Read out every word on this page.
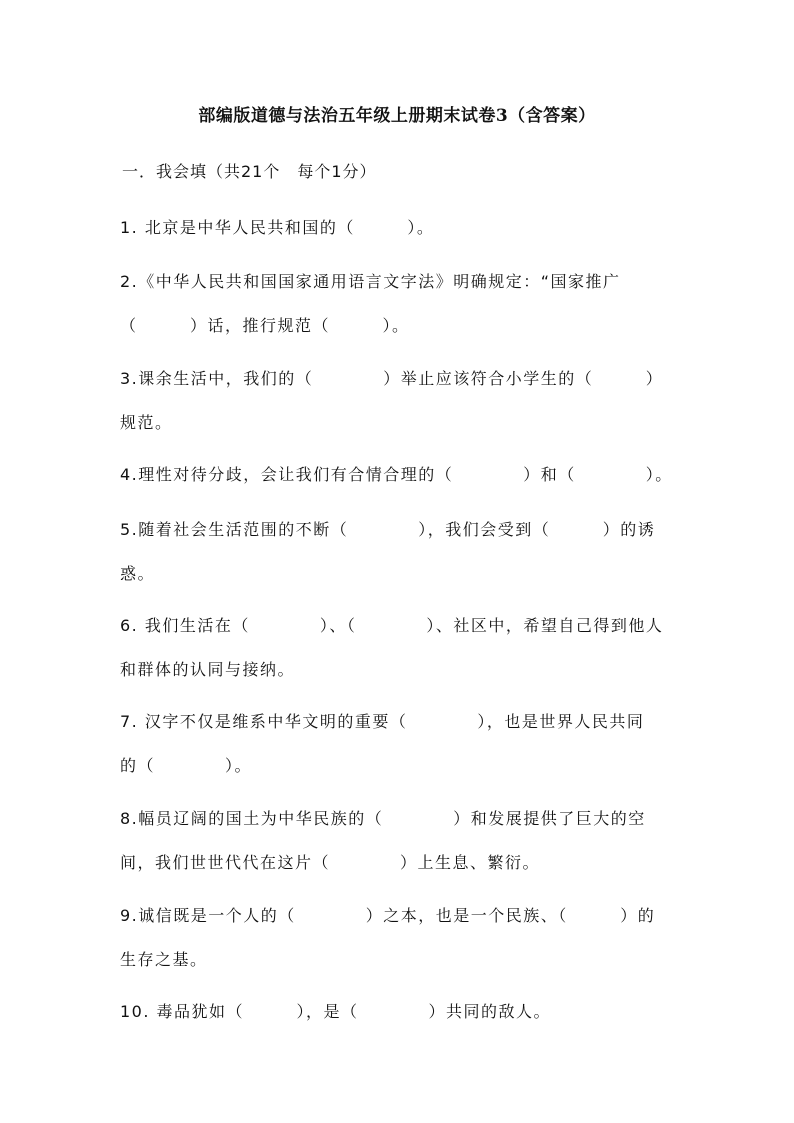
部编版道德与法治五年级上册期末试卷3（含答案）
一．我会填（共21个　每个1分）
1. 北京是中华人民共和国的（　　　）。
2.《中华人民共和国国家通用语言文字法》明确规定：“国家推广
（　　　）话，推行规范（　　　）。
3.课余生活中，我们的（　　　　）举止应该符合小学生的（　　　）
规范。
4.理性对待分歧，会让我们有合情合理的（　　　　）和（　　　　）。
5.随着社会生活范围的不断（　　　　），我们会受到（　　　）的诱
惑。
6. 我们生活在（　　　　）、（　　　　）、社区中，希望自己得到他人
和群体的认同与接纳。
7. 汉字不仅是维系中华文明的重要（　　　　），也是世界人民共同
的（　　　　）。
8.幅员辽阔的国土为中华民族的（　　　　）和发展提供了巨大的空
间，我们世世代代在这片（　　　　）上生息、繁衍。
9.诚信既是一个人的（　　　　）之本，也是一个民族、（　　　）的
生存之基。
10. 毒品犹如（　　　），是（　　　　）共同的敌人。
